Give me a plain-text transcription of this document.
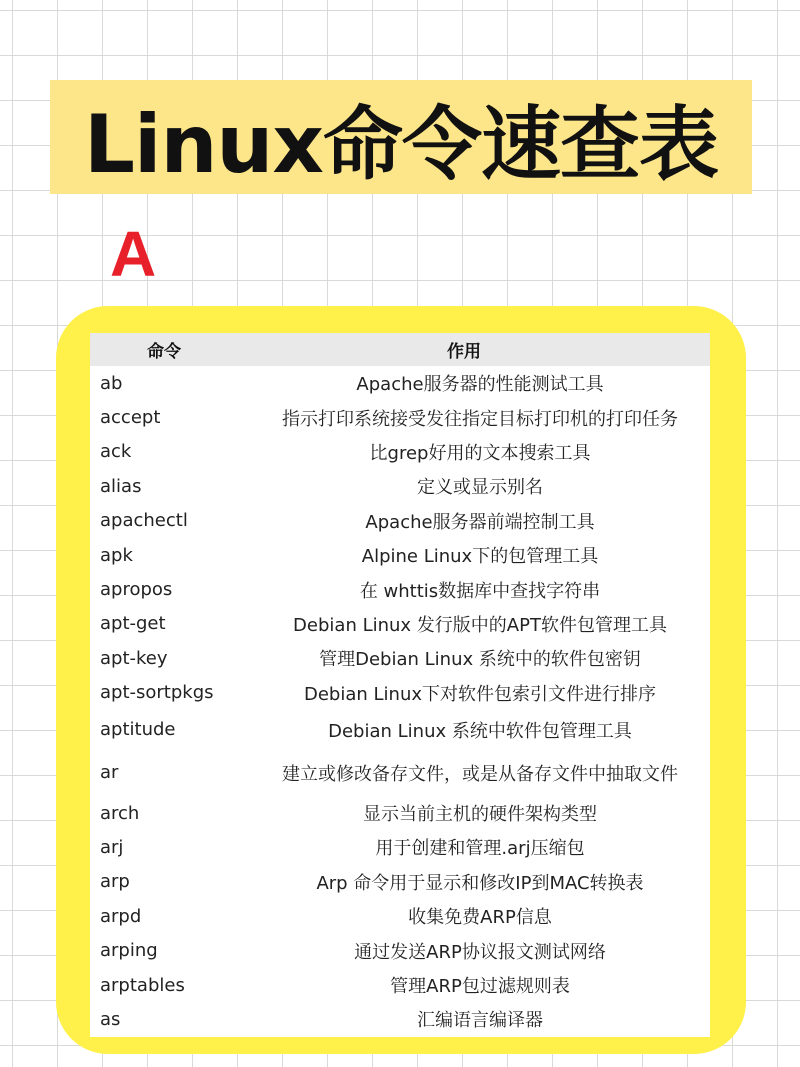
Linux命令速查表
A
命令	作用
ab	Apache服务器的性能测试工具
accept	指示打印系统接受发往指定目标打印机的打印任务
ack	比grep好用的文本搜索工具
alias	定义或显示别名
apachectl	Apache服务器前端控制工具
apk	Alpine Linux下的包管理工具
apropos	在 whttis数据库中查找字符串
apt-get	Debian Linux 发行版中的APT软件包管理工具
apt-key	管理Debian Linux 系统中的软件包密钥
apt-sortpkgs	Debian Linux下对软件包索引文件进行排序
aptitude	Debian Linux 系统中软件包管理工具
ar	建立或修改备存文件，或是从备存文件中抽取文件
arch	显示当前主机的硬件架构类型
arj	用于创建和管理.arj压缩包
arp	Arp 命令用于显示和修改IP到MAC转换表
arpd	收集免费ARP信息
arping	通过发送ARP协议报文测试网络
arptables	管理ARP包过滤规则表
as	汇编语言编译器
